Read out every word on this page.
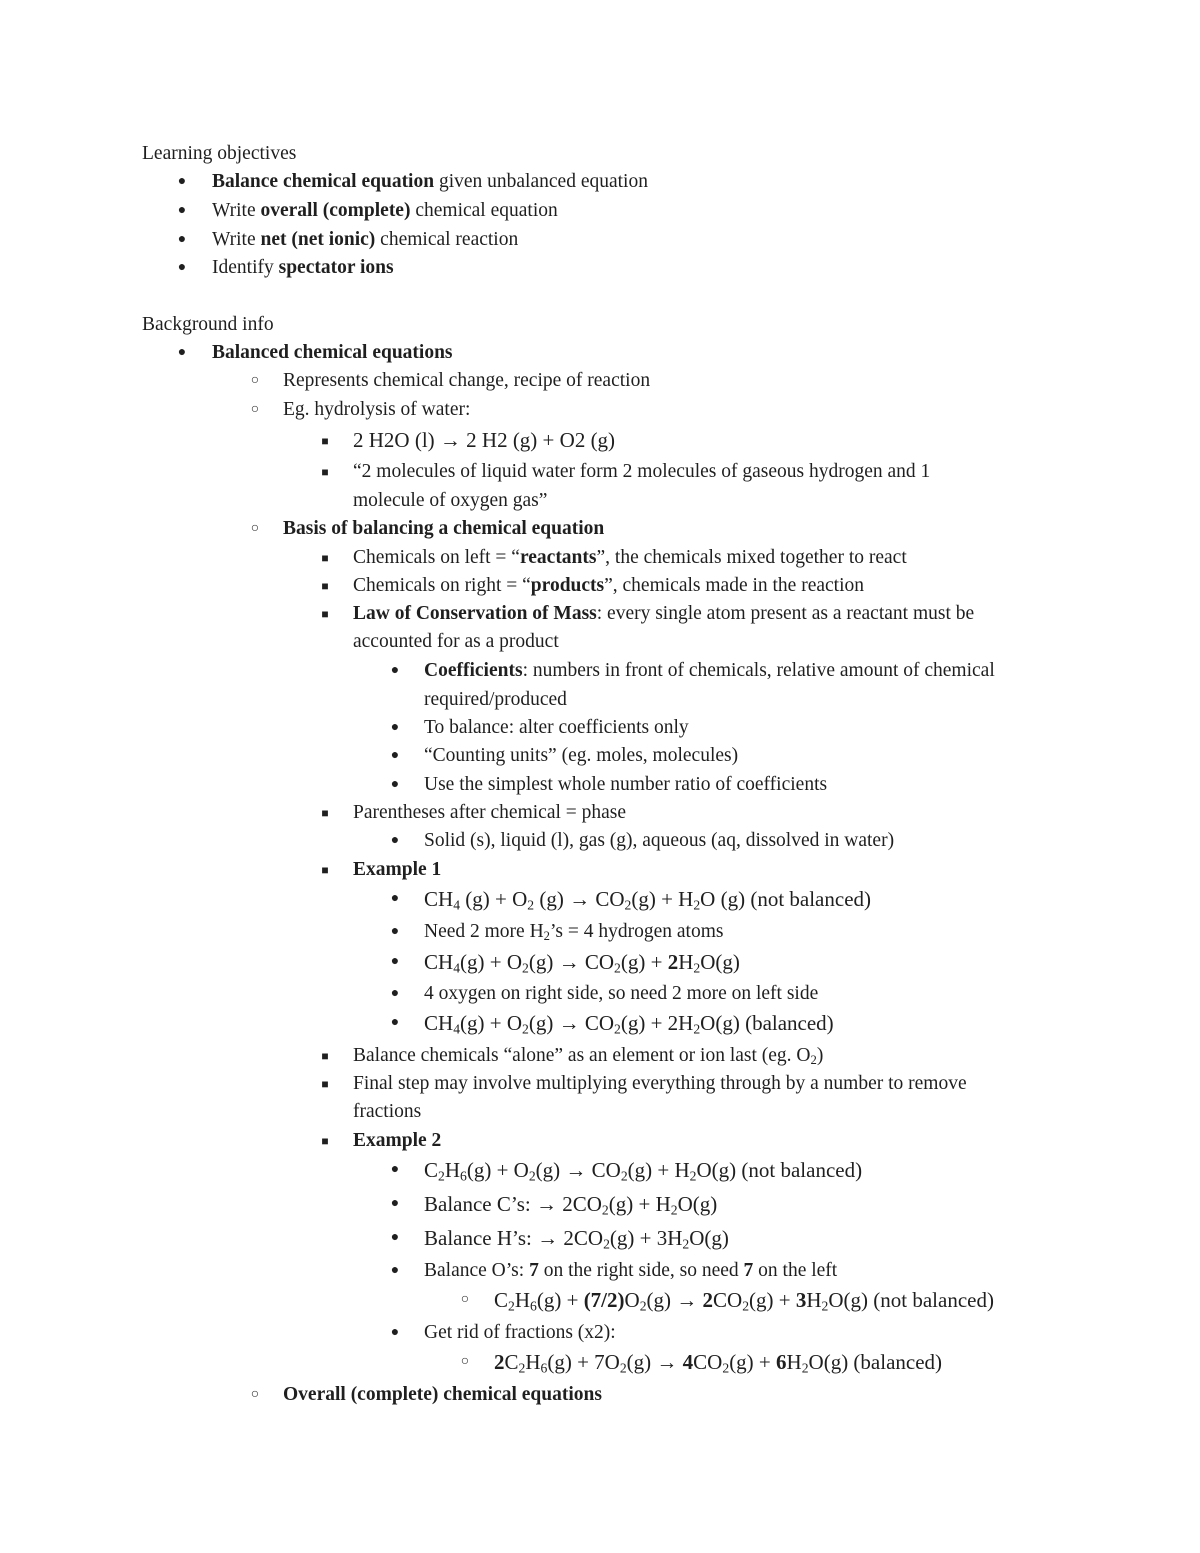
Learning objectives
● Balance chemical equation given unbalanced equation
● Write overall (complete) chemical equation
● Write net (net ionic) chemical reaction
● Identify spectator ions
Background info
● Balanced chemical equations
○ Represents chemical change, recipe of reaction
○ Eg. hydrolysis of water:
■ 2 H2O (l) → 2 H2 (g) + O2 (g)
■ “2 molecules of liquid water form 2 molecules of gaseous hydrogen and 1
molecule of oxygen gas”
○ Basis of balancing a chemical equation
■ Chemicals on left = “reactants”, the chemicals mixed together to react
■ Chemicals on right = “products”, chemicals made in the reaction
■ Law of Conservation of Mass: every single atom present as a reactant must be
accounted for as a product
● Coefficients: numbers in front of chemicals, relative amount of chemical
required/produced
● To balance: alter coefficients only
● “Counting units” (eg. moles, molecules)
● Use the simplest whole number ratio of coefficients
■ Parentheses after chemical = phase
● Solid (s), liquid (l), gas (g), aqueous (aq, dissolved in water)
■ Example 1
● $CH_4$ $(g) + O_2$ $(g) \to CO_2(g) + H_2O$ (g) (not balanced)
● Need 2 more $H_2’s = 4$ hydrogen atoms
● $CH_4(g) + O_2(g) \to CO_2(g) + 2H_2O(g)$
● 4 oxygen on right side, so need 2 more on left side
● $CH_4(g) + O_2(g) \to CO_2(g) + 2H_2O(g)$ (balanced)
■ Balance chemicals “alone” as an element or ion last (eg. $O_2$)
■ Final step may involve multiplying everything through by a number to remove
fractions
■ Example 2
● $C_2H_6(g) + O_2(g) \to CO_2(g) + H_2O(g)$ (not balanced)
● Balance C’s: → $2CO_2(g) + H_2O(g)$
● Balance H’s: → $2CO_2(g) + 3H_2O(g)$
● Balance O’s: 7 on the right side, so need 7 on the left
○ $C_2H_6(g) + (7/2)O_2(g) \to 2CO_2(g) + 3H_2O(g)$ (not balanced)
● Get rid of fractions (x2):
○ $2C_2H_6(g) + 7O_2(g) \to 4CO_2(g) + 6H_2O(g)$ (balanced)
○ Overall (complete) chemical equations
